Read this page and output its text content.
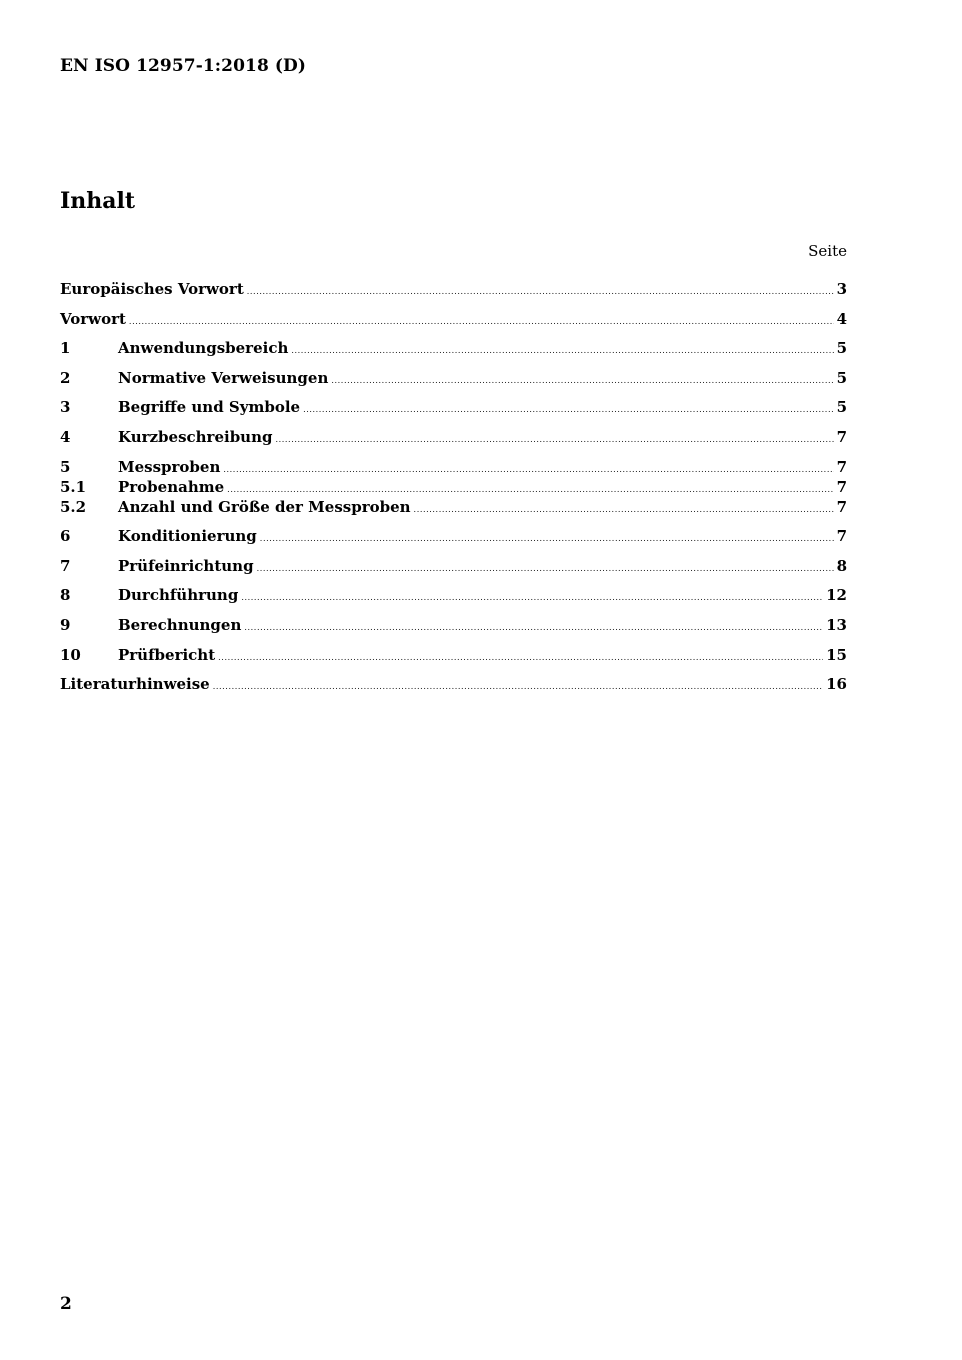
EN ISO 12957-1:2018 (D)
Inhalt
Seite
Europäisches Vorwort .....	3
Vorwort .....	4
1	Anwendungsbereich .....	5
2	Normative Verweisungen .....	5
3	Begriffe und Symbole .....	5
4	Kurzbeschreibung .....	7
5	Messproben .....	7
5.1	Probenahme .....	7
5.2	Anzahl und Größe der Messproben .....	7
6	Konditionierung .....	7
7	Prüfeinrichtung .....	8
8	Durchführung .....	12
9	Berechnungen .....	13
10	Prüfbericht .....	15
Literaturhinweise .....	16
2
